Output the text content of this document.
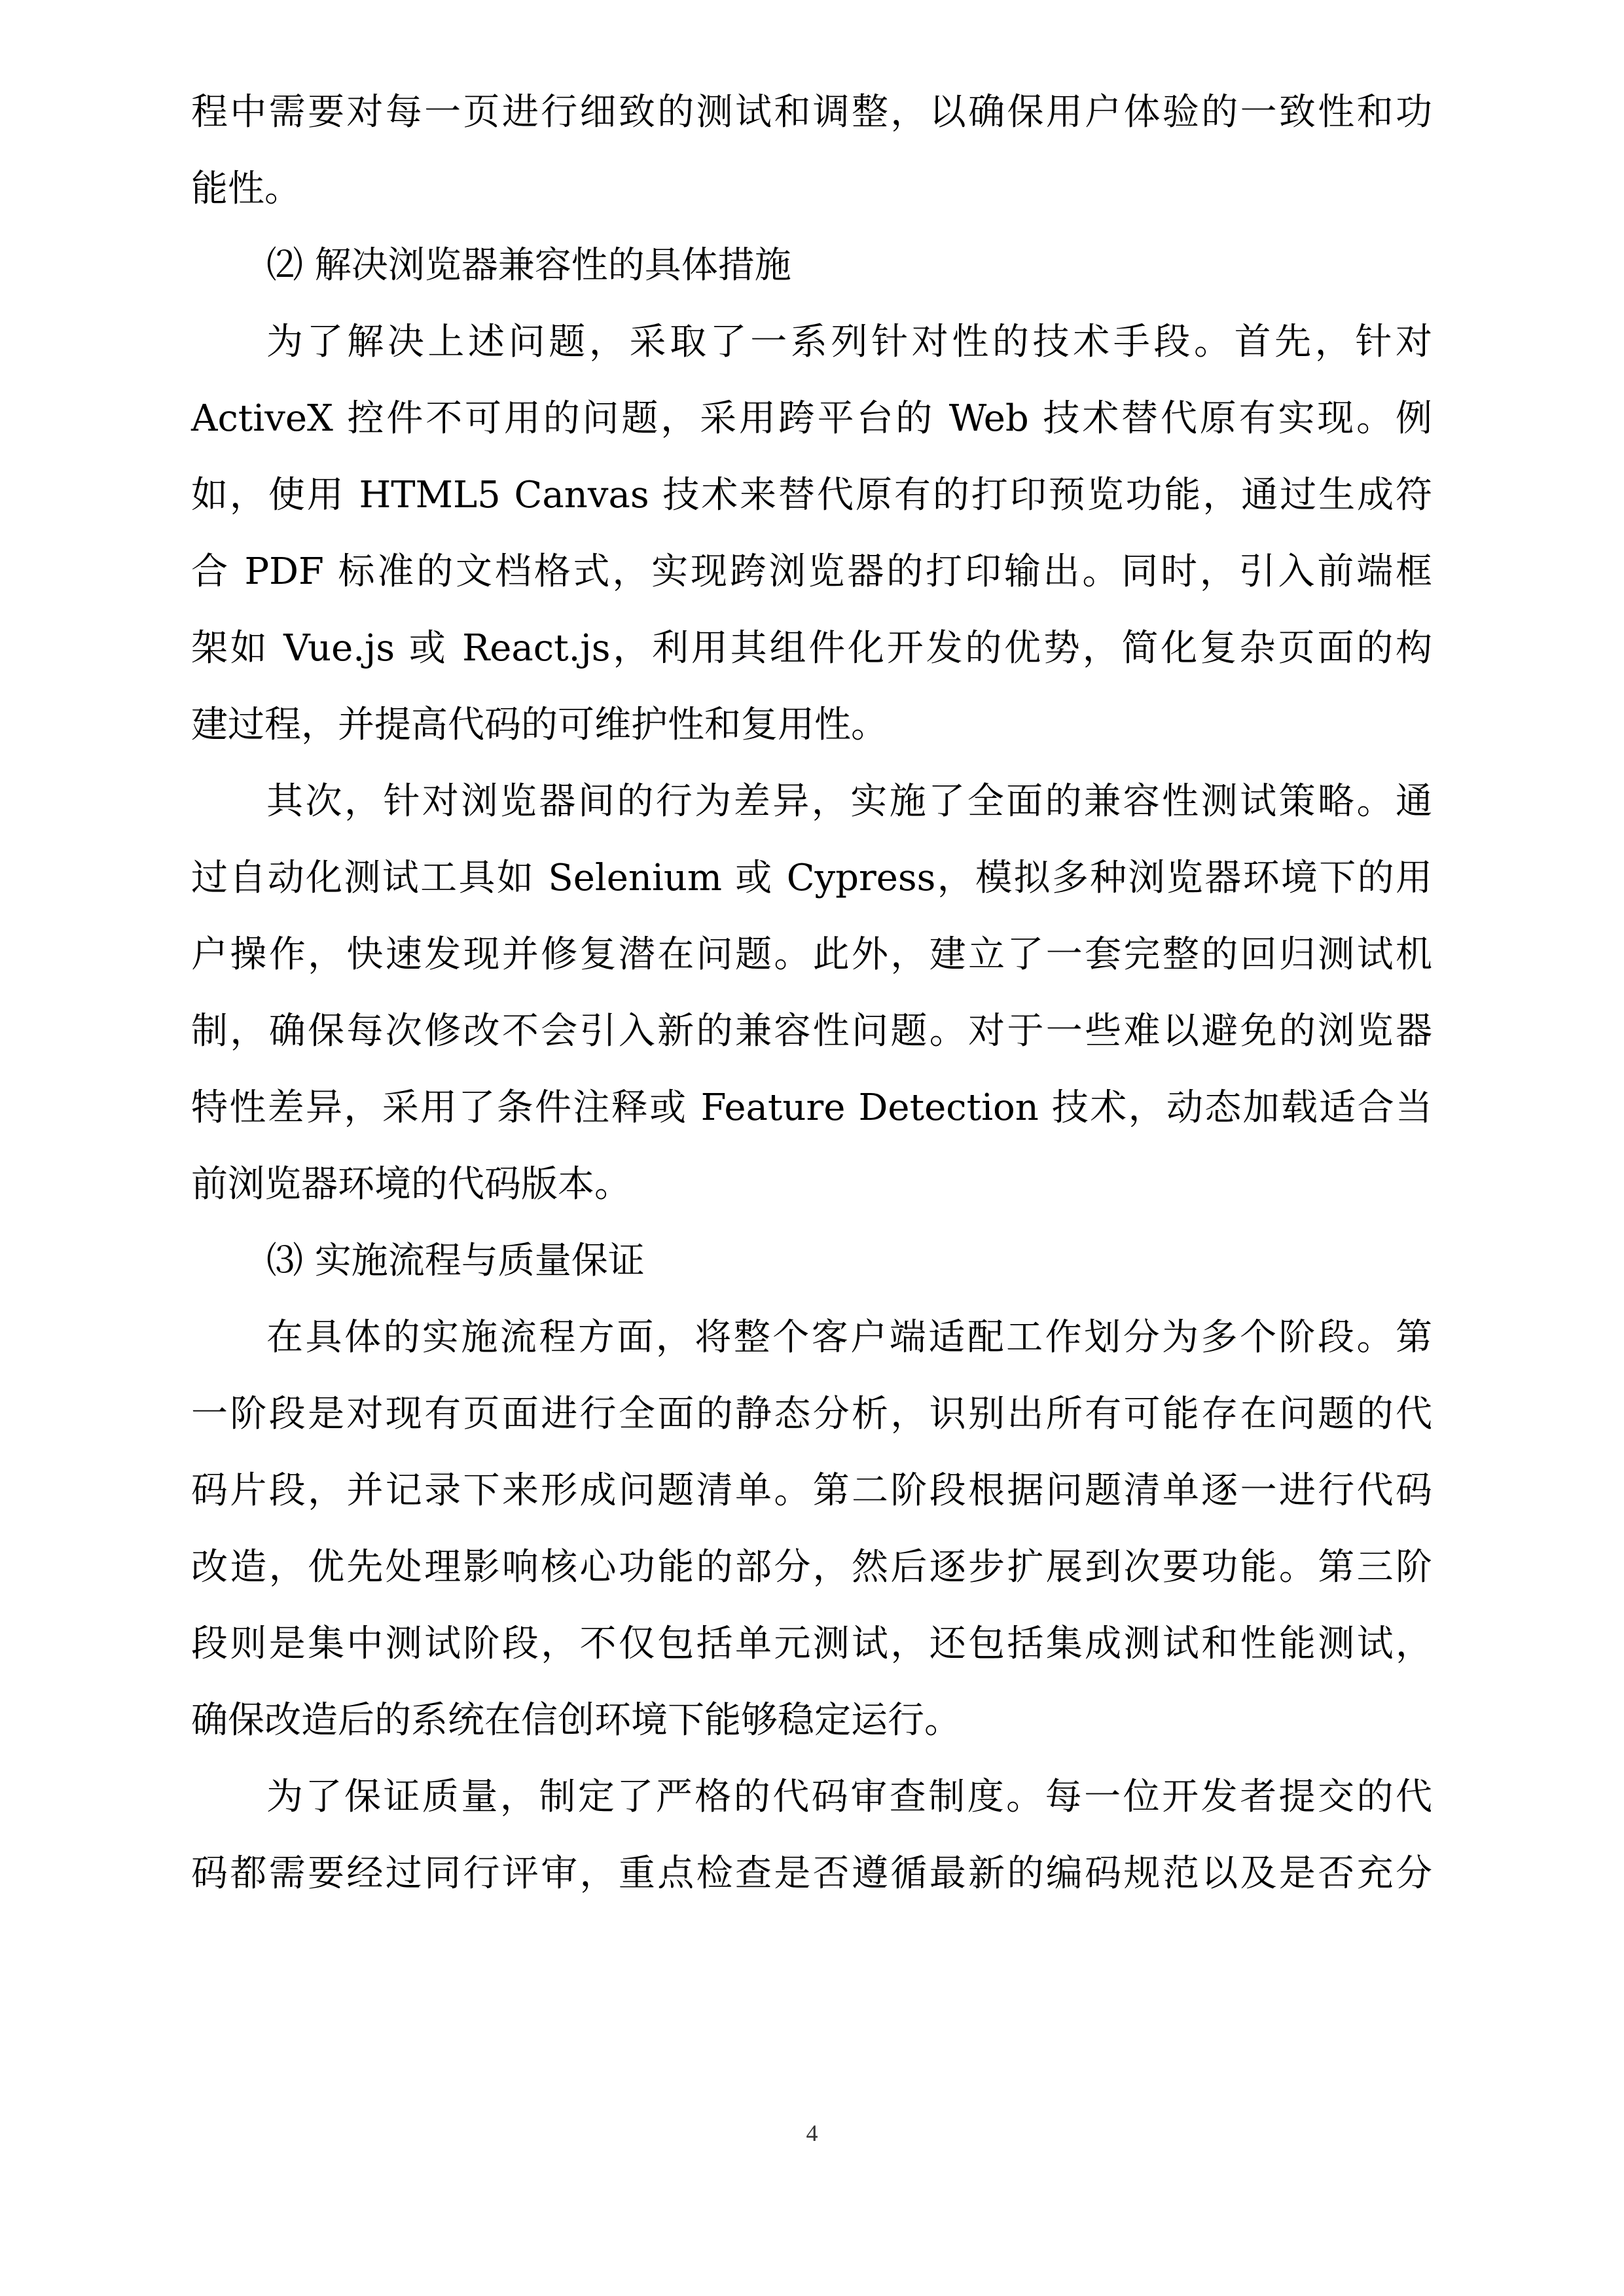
程中需要对每一页进行细致的测试和调整，以确保用户体验的一致性和功

能性。

⑵ 解决浏览器兼容性的具体措施

为了解决上述问题，采取了一系列针对性的技术手段。首先，针对

ActiveX 控件不可用的问题，采用跨平台的 Web 技术替代原有实现。例

如，使用 HTML5 Canvas 技术来替代原有的打印预览功能，通过生成符

合 PDF 标准的文档格式，实现跨浏览器的打印输出。同时，引入前端框

架如 Vue.js 或 React.js，利用其组件化开发的优势，简化复杂页面的构

建过程，并提高代码的可维护性和复用性。

其次，针对浏览器间的行为差异，实施了全面的兼容性测试策略。通

过自动化测试工具如 Selenium 或 Cypress，模拟多种浏览器环境下的用

户操作，快速发现并修复潜在问题。此外，建立了一套完整的回归测试机

制，确保每次修改不会引入新的兼容性问题。对于一些难以避免的浏览器

特性差异，采用了条件注释或 Feature Detection 技术，动态加载适合当

前浏览器环境的代码版本。

⑶ 实施流程与质量保证

在具体的实施流程方面，将整个客户端适配工作划分为多个阶段。第

一阶段是对现有页面进行全面的静态分析，识别出所有可能存在问题的代

码片段，并记录下来形成问题清单。第二阶段根据问题清单逐一进行代码

改造，优先处理影响核心功能的部分，然后逐步扩展到次要功能。第三阶

段则是集中测试阶段，不仅包括单元测试，还包括集成测试和性能测试，

确保改造后的系统在信创环境下能够稳定运行。

为了保证质量，制定了严格的代码审查制度。每一位开发者提交的代

码都需要经过同行评审，重点检查是否遵循最新的编码规范以及是否充分

4
